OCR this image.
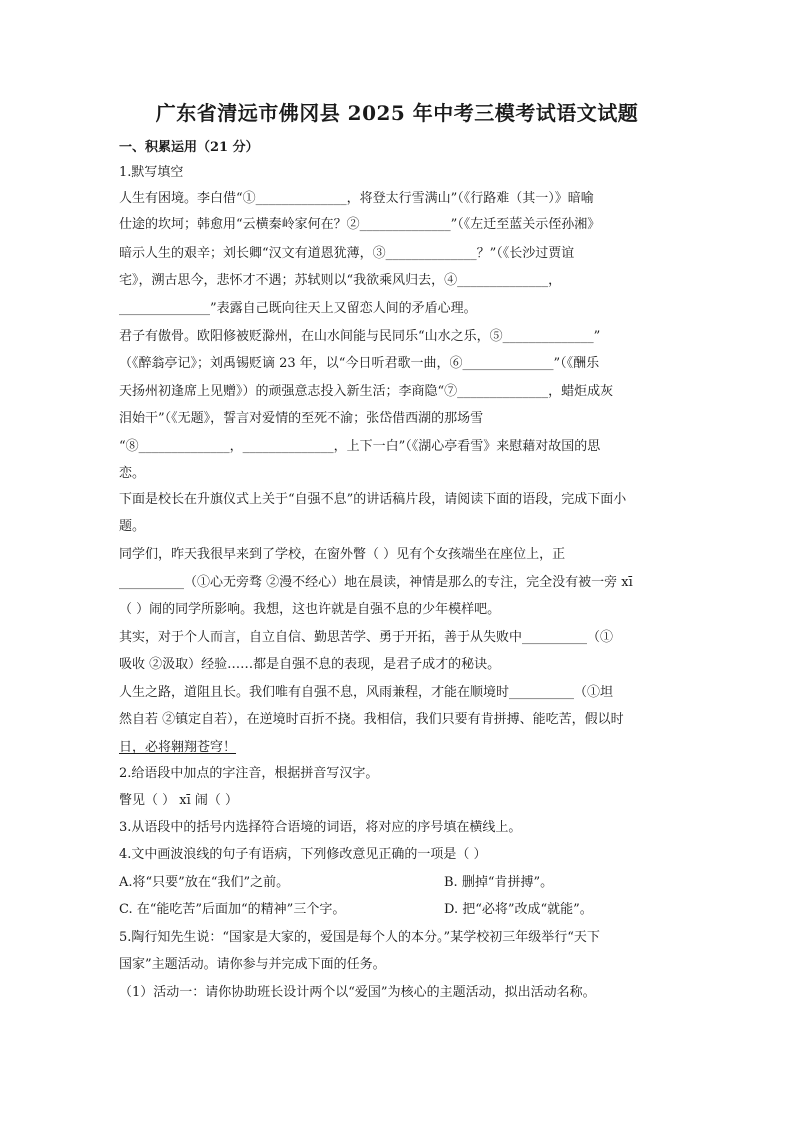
广东省清远市佛冈县 2025 年中考三模考试语文试题
一、积累运用（21 分）
1.默写填空
人生有困境。李白借“①______________，将登太行雪满山”（《行路难（其一）》暗喻
仕途的坎坷；韩愈用“云横秦岭家何在？②______________”（《左迁至蓝关示侄孙湘》
暗示人生的艰辛；刘长卿“汉文有道恩犹薄，③______________？”（《长沙过贾谊
宅》，溯古思今，悲怀才不遇；苏轼则以“我欲乘风归去，④______________，
______________”表露自己既向往天上又留恋人间的矛盾心理。
君子有傲骨。欧阳修被贬滁州，在山水间能与民同乐“山水之乐，⑤______________”
（《醉翁亭记》；刘禹锡贬谪 23 年，以“今日听君歌一曲，⑥______________”（《酬乐
天扬州初逢席上见赠》）的顽强意志投入新生活；李商隐“⑦______________，蜡炬成灰
泪始干”（《无题》，誓言对爱情的至死不渝；张岱借西湖的那场雪
“⑧______________，______________，上下一白”（《湖心亭看雪》来慰藉对故国的思
恋。
下面是校长在升旗仪式上关于“自强不息”的讲话稿片段，请阅读下面的语段，完成下面小
题。
同学们，昨天我很早来到了学校，在窗外瞥（ ）见有个女孩端坐在座位上，正
__________（①心无旁骛 ②漫不经心）地在晨读，神情是那么的专注，完全没有被一旁 xī
（ ）闹的同学所影响。我想，这也许就是自强不息的少年模样吧。
其实，对于个人而言，自立自信、勤思苦学、勇于开拓，善于从失败中__________（①
吸收 ②汲取）经验……都是自强不息的表现，是君子成才的秘诀。
人生之路，道阻且长。我们唯有自强不息，风雨兼程，才能在顺境时__________（①坦
然自若 ②镇定自若），在逆境时百折不挠。我相信，我们只要有肯拼搏、能吃苦，假以时
日，必将翱翔苍穹！
2.给语段中加点的字注音，根据拼音写汉字。
瞥见（ ） xī 闹（ ）
3.从语段中的括号内选择符合语境的词语，将对应的序号填在横线上。
4.文中画波浪线的句子有语病，下列修改意见正确的一项是（ ）
A.将“只要”放在“我们”之前。	B. 删掉“肯拼搏”。
C. 在“能吃苦”后面加“的精神”三个字。	D. 把“必将”改成“就能”。
5.陶行知先生说：“国家是大家的，爱国是每个人的本分。”某学校初三年级举行“天下
国家”主题活动。请你参与并完成下面的任务。
（1）活动一：请你协助班长设计两个以“爱国”为核心的主题活动，拟出活动名称。
